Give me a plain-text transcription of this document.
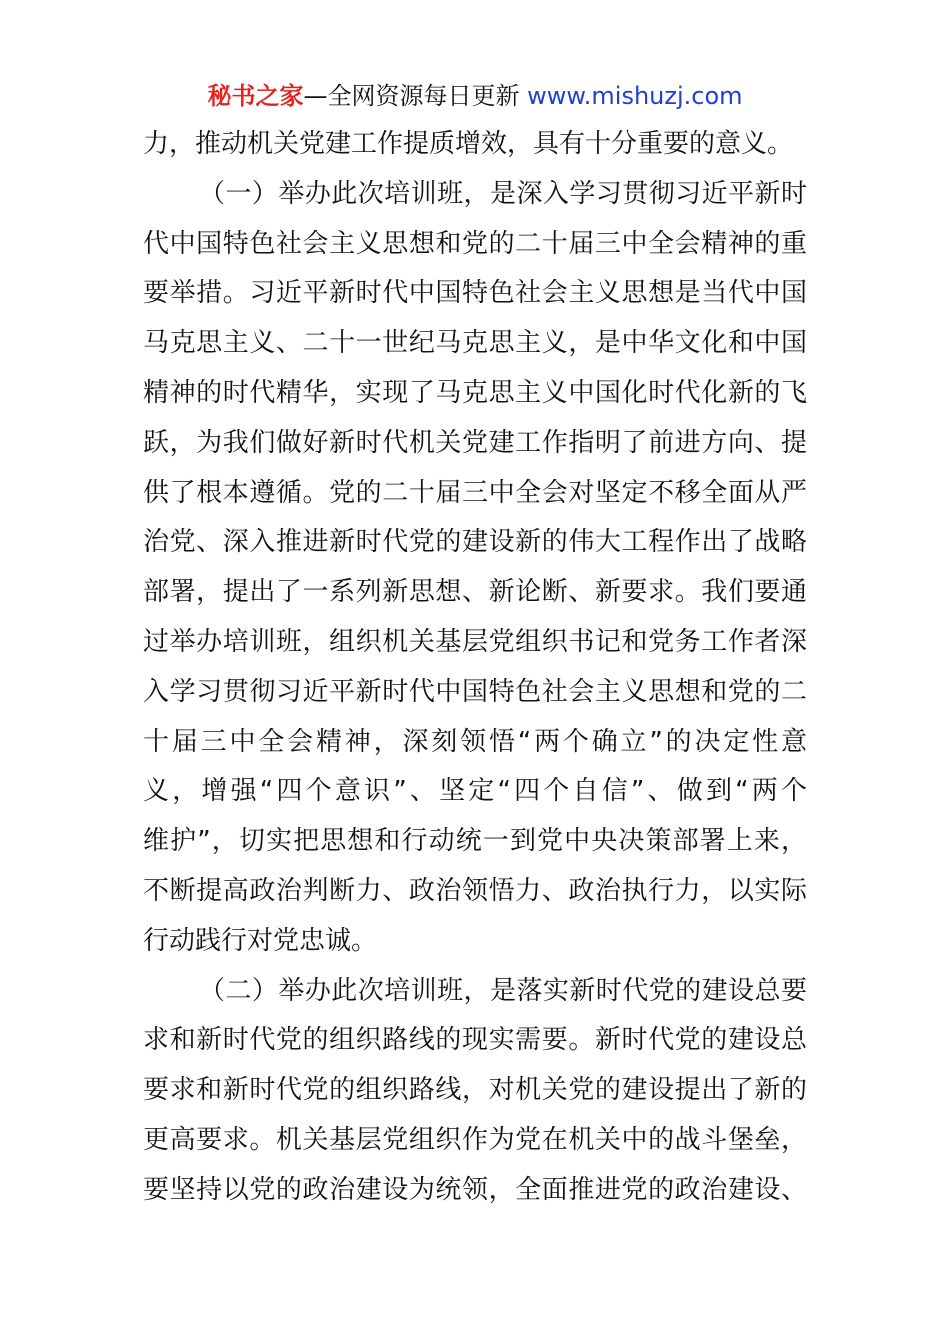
秘书之家—全网资源每日更新 www.mishuzj.com
力，推动机关党建工作提质增效，具有十分重要的意义。
（一）举办此次培训班，是深入学习贯彻习近平新时
代中国特色社会主义思想和党的二十届三中全会精神的重
要举措。习近平新时代中国特色社会主义思想是当代中国
马克思主义、二十一世纪马克思主义，是中华文化和中国
精神的时代精华，实现了马克思主义中国化时代化新的飞
跃，为我们做好新时代机关党建工作指明了前进方向、提
供了根本遵循。党的二十届三中全会对坚定不移全面从严
治党、深入推进新时代党的建设新的伟大工程作出了战略
部署，提出了一系列新思想、新论断、新要求。我们要通
过举办培训班，组织机关基层党组织书记和党务工作者深
入学习贯彻习近平新时代中国特色社会主义思想和党的二
十届三中全会精神，深刻领悟“两个确立”的决定性意
义，增强“四个意识”、坚定“四个自信”、做到“两个
维护”，切实把思想和行动统一到党中央决策部署上来，
不断提高政治判断力、政治领悟力、政治执行力，以实际
行动践行对党忠诚。
（二）举办此次培训班，是落实新时代党的建设总要
求和新时代党的组织路线的现实需要。新时代党的建设总
要求和新时代党的组织路线，对机关党的建设提出了新的
更高要求。机关基层党组织作为党在机关中的战斗堡垒，
要坚持以党的政治建设为统领，全面推进党的政治建设、
